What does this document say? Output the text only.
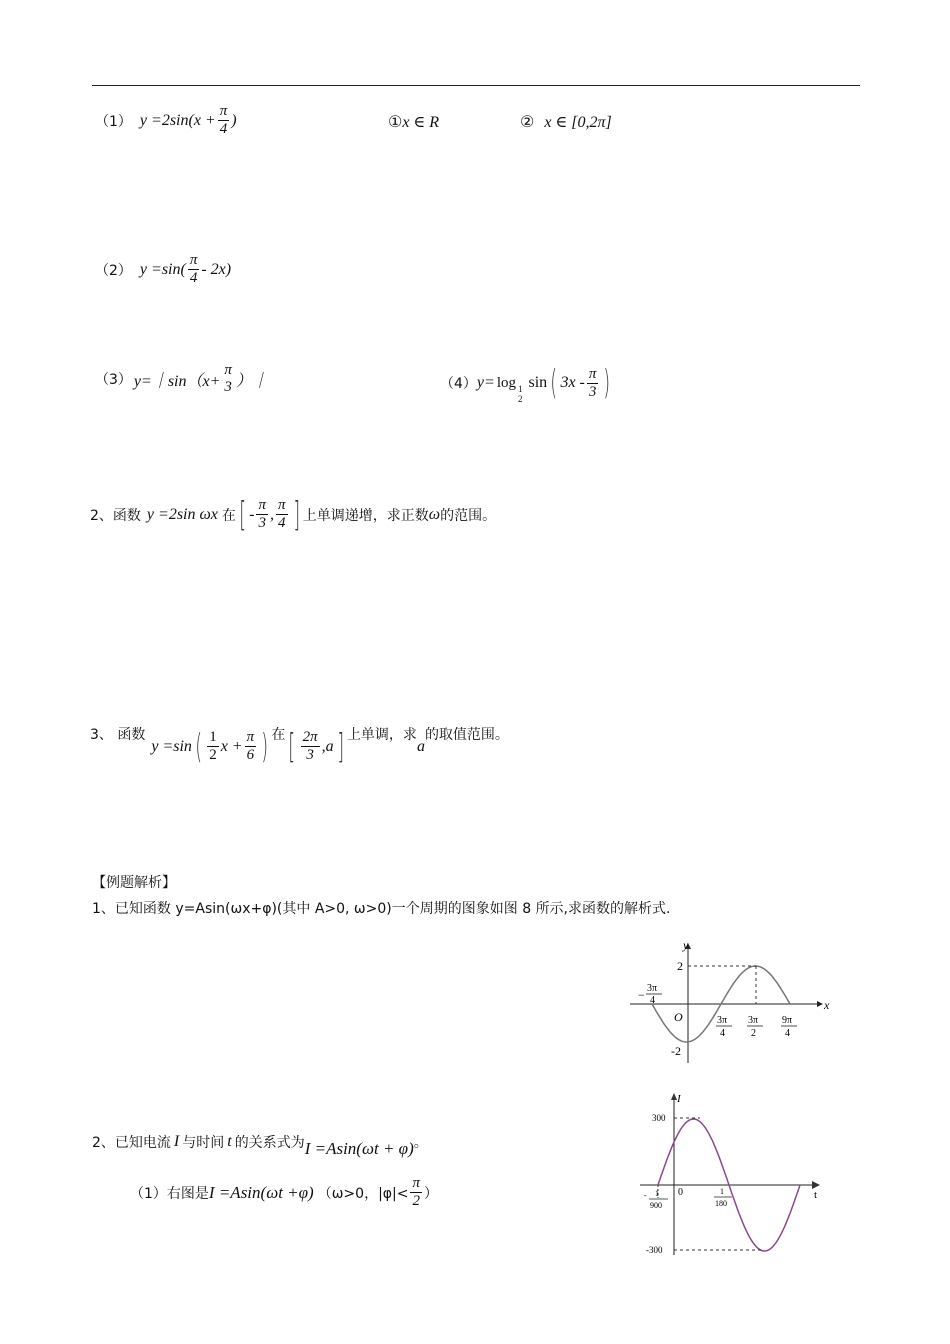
（1） y =2sin( $x + \frac{\pi}{4}$ )	① x ∈ R	② x ∈ [0,2π]
（2） $y =\sin( \frac{\pi}{4} - 2x)$
（3） y=｜sin（x+
π
3 ）｜	（4） y= log 1
2
sin ( $3x - \frac{\pi}{3}$ )
2、函数 y =2sin ωx 在 [ - $\frac{\pi}{3}$ , $\frac{\pi}{4}$ ] 上单调递增，求正数 ω 的范围。
3、 函数
y =sin ( $\frac{1}{2}$ $x + \frac{\pi}{6}$ ) 在 [ $\frac{2\pi}{3} ,a$ ] 上单调，求
a
的取值范围。
【例题解析】
1、已知函数 y=Asin(ωx+φ)(其中 A>0, ω>0)一个周期的图象如图 8 所示,求函数的解析式.
2、已知电流 I 与时间 t 的关系式为 I =Asin(ωt + φ) 。
（1）右图是 I =Asin(ωt +φ) （ω>0，$|\varphi|< \frac{\pi}{2}$ ）
y
x
O
2
-2
− 3π
4
3π
4
3π
2
9π
4
I
t
300
-300
0
- 1
900
1
180
